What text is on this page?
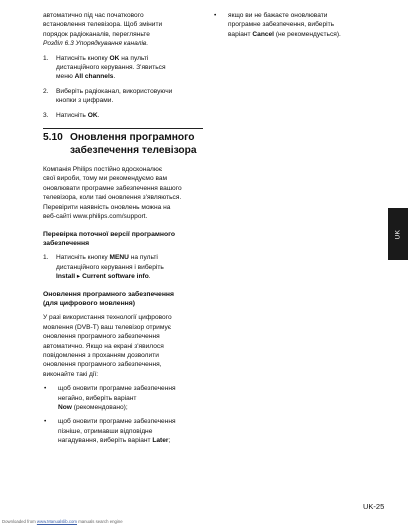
автоматично під час початкового

встановлення телевізора. Щоб змінити

порядок радіоканалів, перегляньте

Розділ 6.3 Упорядкування каналів.

1. Натисніть кнопку OK на пульті
дистанційного керування. З'явиться
меню All channels.
2. Виберіть радіоканал, використовуючи
кнопки з цифрами.
3. Натисніть OK.
5.10 Оновлення програмного
забезпечення телевізора

Компанія Philips постійно вдосконалює

свої вироби, тому ми рекомендуємо вам

оновлювати програмне забезпечення вашого

телевізора, коли такі оновлення з'являються.

Перевірити наявність оновлень можна на

веб-сайті www.philips.com/support.

Перевірка поточної версії програмного

забезпечення

1. Натисніть кнопку MENU на пульті
дистанційного керування і виберіть
Install ▸ Current software info.

Оновлення програмного забезпечення

(для цифрового мовлення)

У разі використання технології цифрового

мовлення (DVB-T) ваш телевізор отримує

оновлення програмного забезпечення

автоматично. Якщо на екрані з'явилося

повідомлення з проханням дозволити

оновлення програмного забезпечення,

виконайте такі дії:

• щоб оновити програмне забезпечення
негайно, виберіть варіант
Now (рекомендовано);
• щоб оновити програмне забезпечення
пізніше, отримавши відповідне
нагадування, виберіть варіант Later;
• якщо ви не бажаєте оновлювати
програмне забезпечення, виберіть
варіант Cancel (не рекомендується).
UK
UK-25
Downloaded from www.Manualslib.com manuals search engine
